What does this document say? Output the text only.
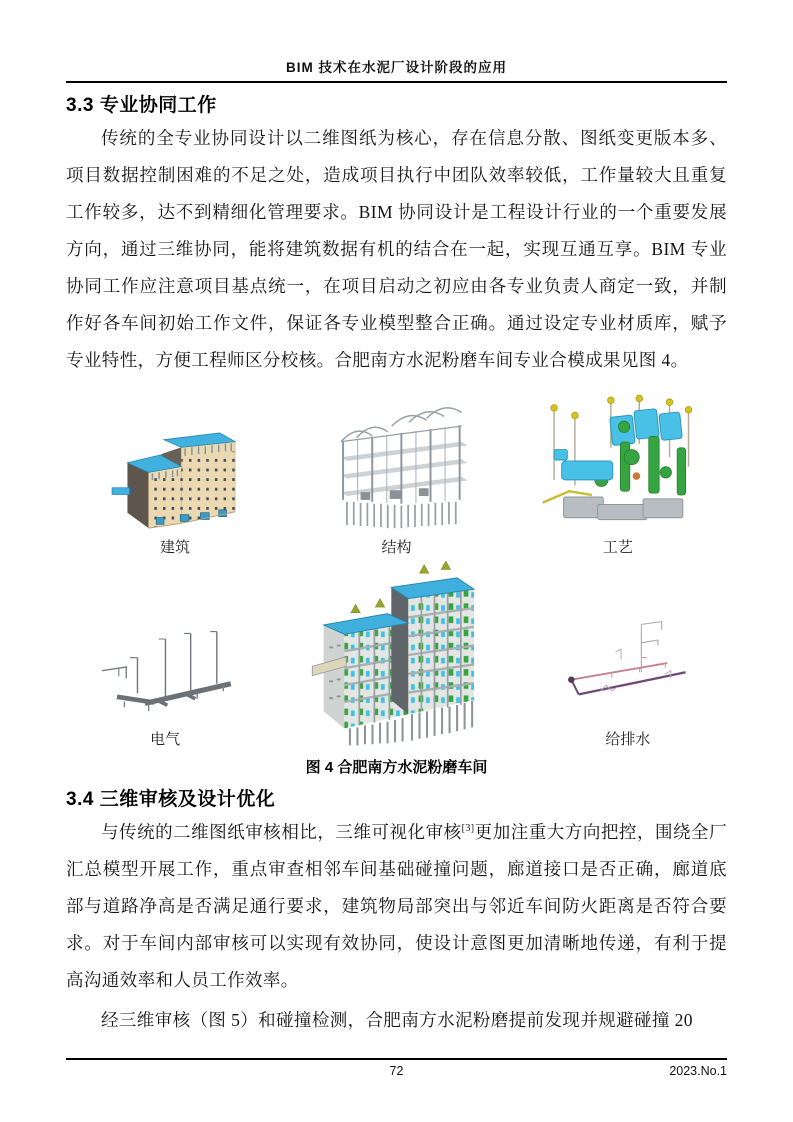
BIM 技术在水泥厂设计阶段的应用
3.3 专业协同工作

传统的全专业协同设计以二维图纸为核心，存在信息分散、图纸变更版本多、项目数据控制困难的不足之处，造成项目执行中团队效率较低，工作量较大且重复工作较多，达不到精细化管理要求。BIM 协同设计是工程设计行业的一个重要发展方向，通过三维协同，能将建筑数据有机的结合在一起，实现互通互享。BIM 专业协同工作应注意项目基点统一，在项目启动之初应由各专业负责人商定一致，并制作好各车间初始工作文件，保证各专业模型整合正确。通过设定专业材质库，赋予专业特性，方便工程师区分校核。合肥南方水泥粉磨车间专业合模成果见图 4。

建筑	结构	工艺
电气	给排水
图 4 合肥南方水泥粉磨车间
3.4 三维审核及设计优化

与传统的二维图纸审核相比，三维可视化审核[3]更加注重大方向把控，围绕全厂汇总模型开展工作，重点审查相邻车间基础碰撞问题，廊道接口是否正确，廊道底部与道路净高是否满足通行要求，建筑物局部突出与邻近车间防火距离是否符合要求。对于车间内部审核可以实现有效协同，使设计意图更加清晰地传递，有利于提高沟通效率和人员工作效率。

经三维审核（图 5）和碰撞检测，合肥南方水泥粉磨提前发现并规避碰撞 20

72	2023.No.1
